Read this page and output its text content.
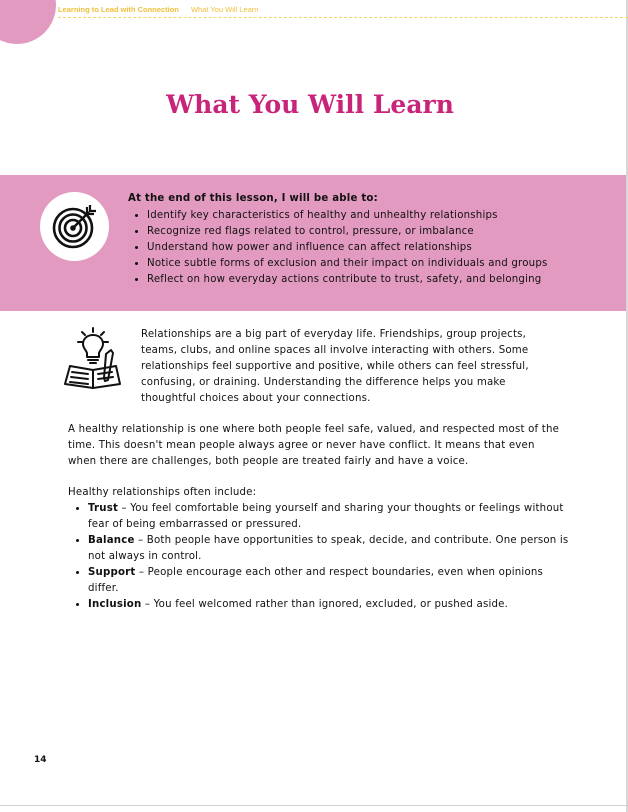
Learning to Lead with Connection What You Will Learn
What You Will Learn
At the end of this lesson, I will be able to:
• Identify key characteristics of healthy and unhealthy relationships
• Recognize red flags related to control, pressure, or imbalance
• Understand how power and influence can affect relationships
• Notice subtle forms of exclusion and their impact on individuals and groups
• Reflect on how everyday actions contribute to trust, safety, and belonging

Relationships are a big part of everyday life. Friendships, group projects, teams, clubs, and online spaces all involve interacting with others. Some relationships feel supportive and positive, while others can feel stressful, confusing, or draining. Understanding the difference helps you make thoughtful choices about your connections.

A healthy relationship is one where both people feel safe, valued, and respected most of the time. This doesn't mean people always agree or never have conflict. It means that even when there are challenges, both people are treated fairly and have a voice.

Healthy relationships often include:

• Trust – You feel comfortable being yourself and sharing your thoughts or feelings without fear of being embarrassed or pressured.
• Balance – Both people have opportunities to speak, decide, and contribute. One person is not always in control.
• Support – People encourage each other and respect boundaries, even when opinions differ.
• Inclusion – You feel welcomed rather than ignored, excluded, or pushed aside.
14
